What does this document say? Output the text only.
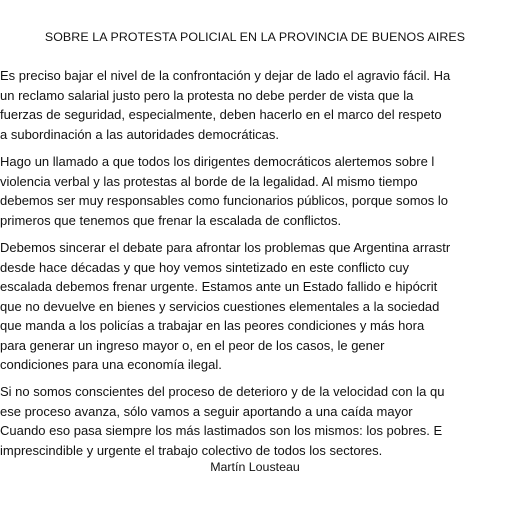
SOBRE LA PROTESTA POLICIAL EN LA PROVINCIA DE BUENOS AIRES
Es preciso bajar el nivel de la confrontación y dejar de lado el agravio fácil. Ha
un reclamo salarial justo pero la protesta no debe perder de vista que la
fuerzas de seguridad, especialmente, deben hacerlo en el marco del respeto
a subordinación a las autoridades democráticas.
Hago un llamado a que todos los dirigentes democráticos alertemos sobre l
violencia verbal y las protestas al borde de la legalidad. Al mismo tiempo
debemos ser muy responsables como funcionarios públicos, porque somos lo
primeros que tenemos que frenar la escalada de conflictos.
Debemos sincerar el debate para afrontar los problemas que Argentina arrastr
desde hace décadas y que hoy vemos sintetizado en este conflicto cuy
escalada debemos frenar urgente. Estamos ante un Estado fallido e hipócrit
que no devuelve en bienes y servicios cuestiones elementales a la sociedad
que manda a los policías a trabajar en las peores condiciones y más hora
para generar un ingreso mayor o, en el peor de los casos, le gener
condiciones para una economía ilegal.
Si no somos conscientes del proceso de deterioro y de la velocidad con la qu
ese proceso avanza, sólo vamos a seguir aportando a una caída mayor
Cuando eso pasa siempre los más lastimados son los mismos: los pobres. E
imprescindible y urgente el trabajo colectivo de todos los sectores.
Martín Lousteau
